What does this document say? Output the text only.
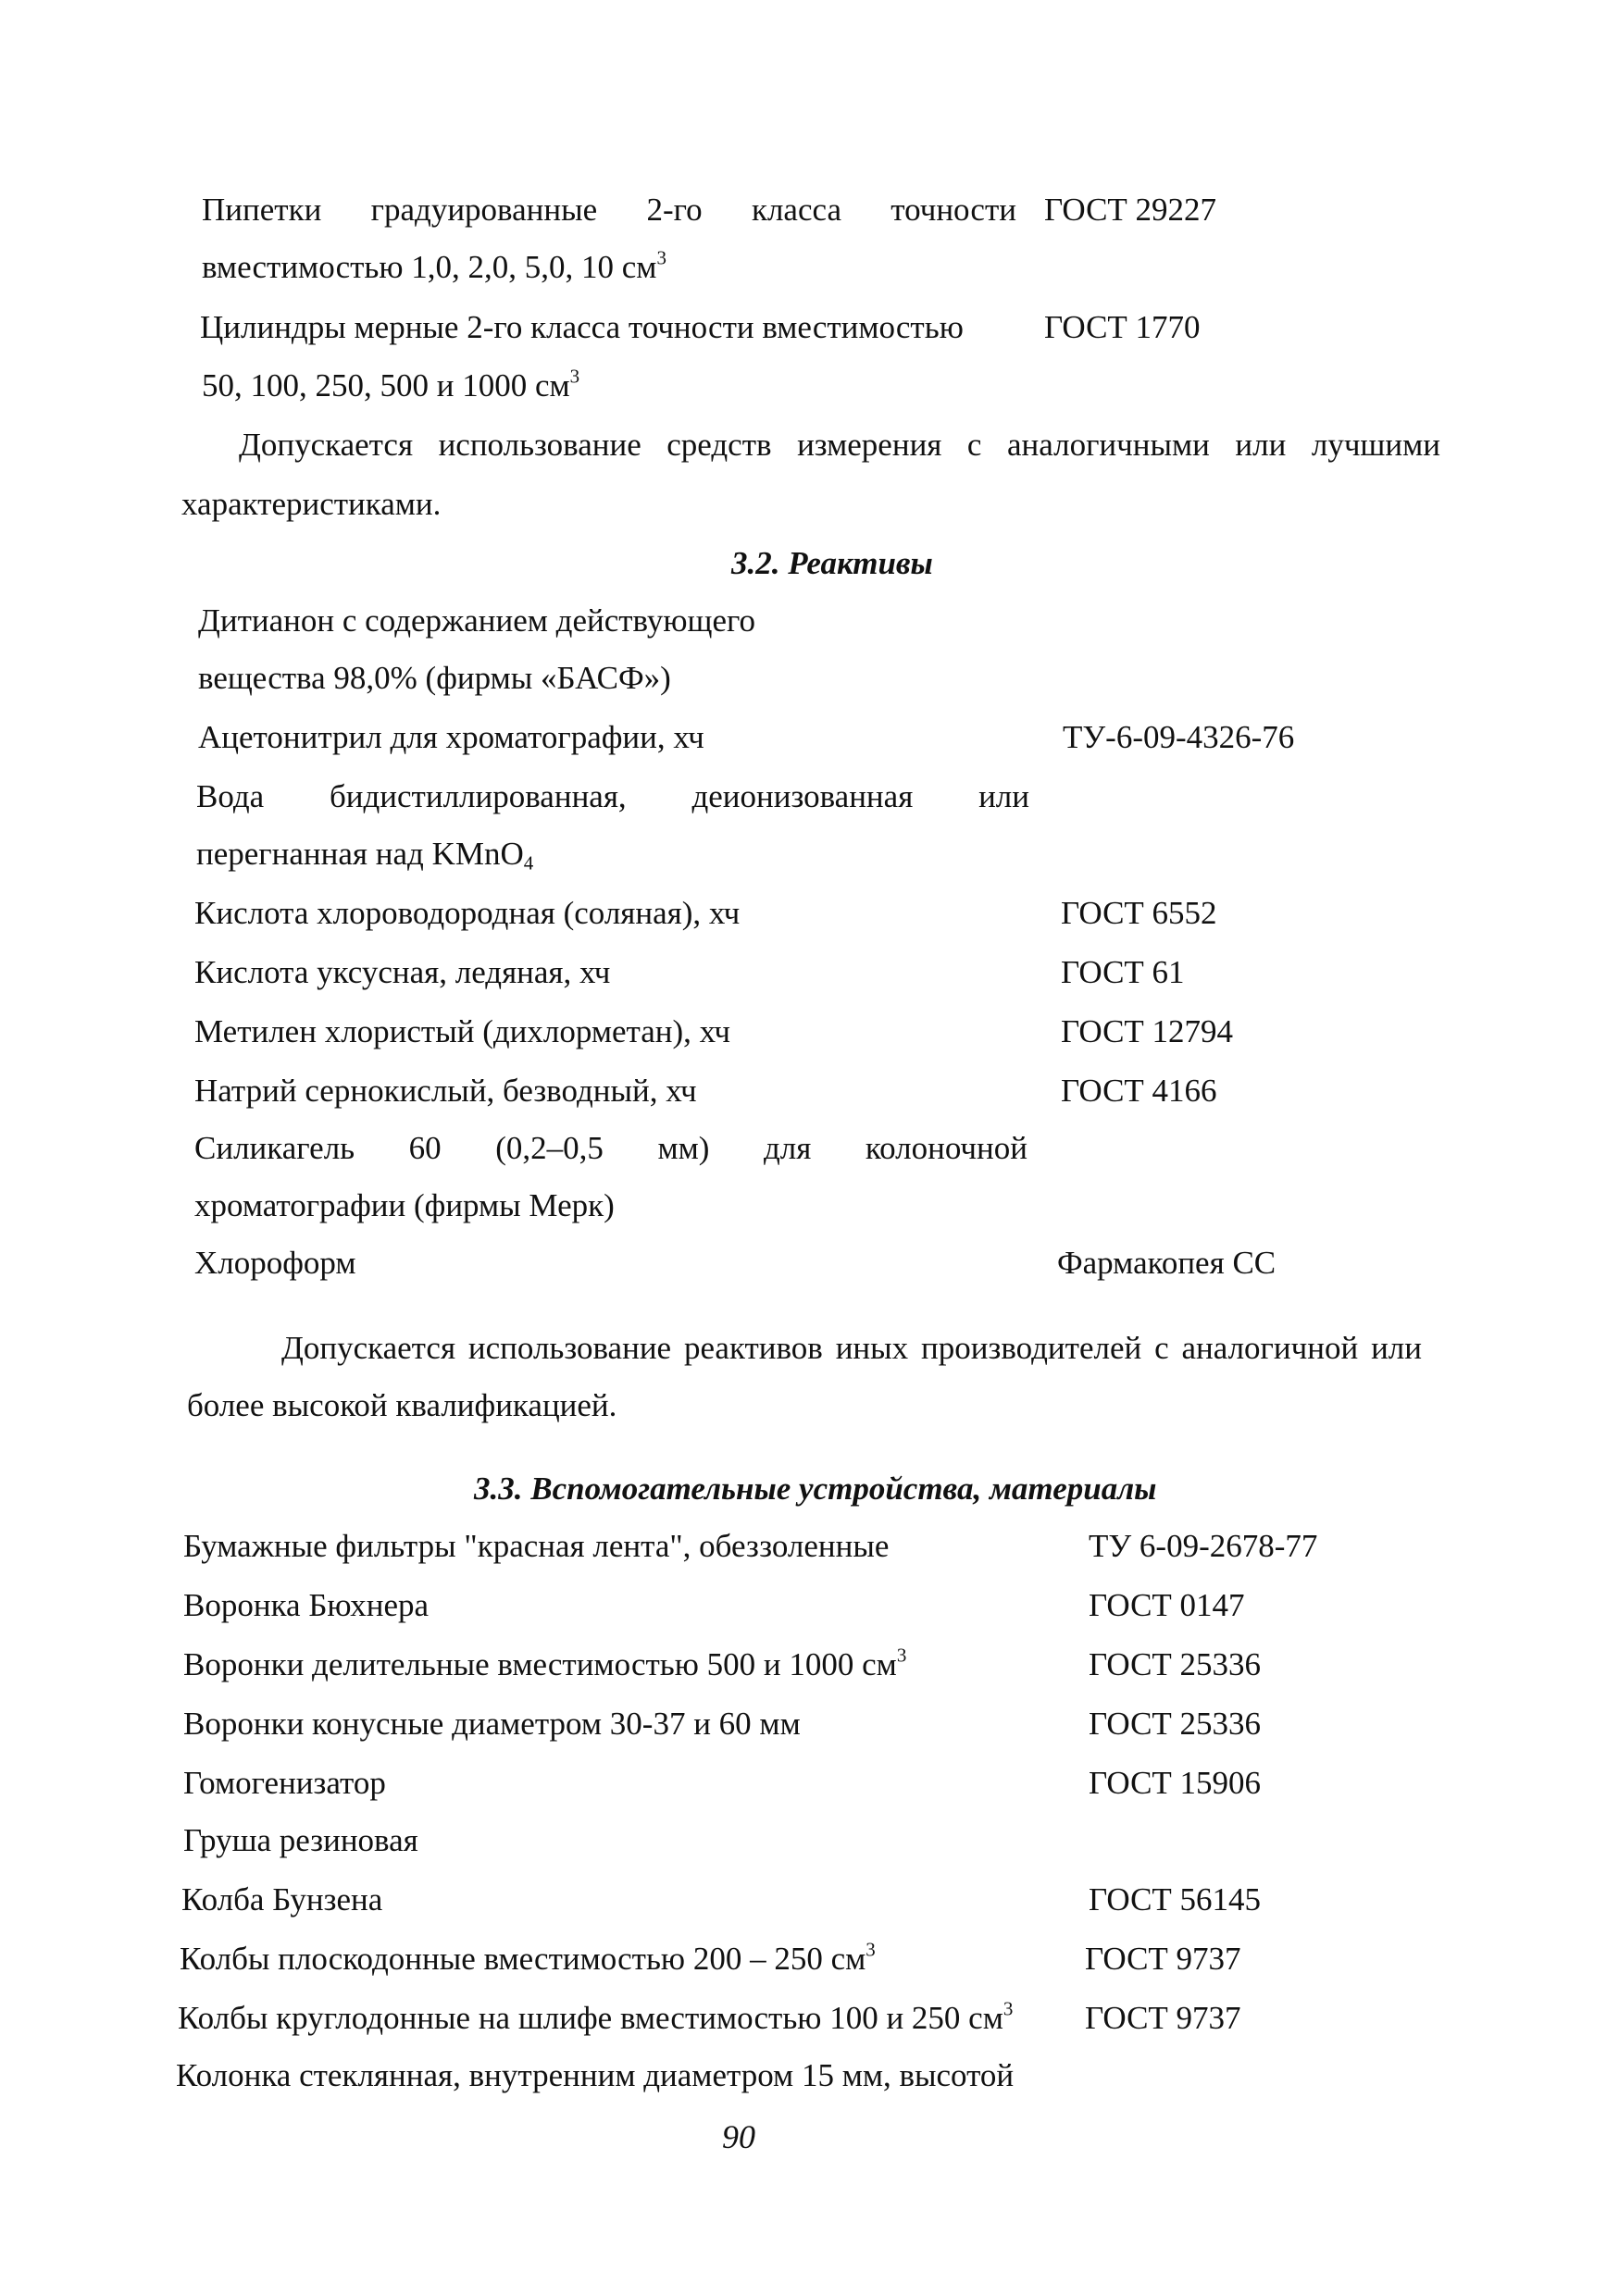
Пипетки градуированные 2-го класса точности ГОСТ 29227
вместимостью 1,0, 2,0, 5,0, 10 $см^3$
Цилиндры мерные 2-го класса точности вместимостью ГОСТ 1770
50, 100, 250, 500 и 1000 $см^3$
Допускается использование средств измерения с аналогичными или лучшими
характеристиками.
3.2. Реактивы
Дитианон с содержанием действующего
вещества 98,0% (фирмы «БАСФ»)
Ацетонитрил для хроматографии, хч	ТУ-6-09-4326-76
Вода бидистиллированная, деионизованная или
перегнанная над KMnO$_4$
Кислота хлороводородная (соляная), хч	ГОСТ 6552
Кислота уксусная, ледяная, хч	ГОСТ 61
Метилен хлористый (дихлорметан), хч	ГОСТ 12794
Натрий сернокислый, безводный, хч	ГОСТ 4166
Силикагель 60 (0,2–0,5 мм) для колоночной
хроматографии (фирмы Мерк)
Хлороформ	Фармакопея СС
Допускается использование реактивов иных производителей с аналогичной или
более высокой квалификацией.
3.3. Вспомогательные устройства, материалы
Бумажные фильтры "красная лента", обеззоленные	ТУ 6-09-2678-77
Воронка Бюхнера	ГОСТ 0147
Воронки делительные вместимостью 500 и 1000 $см^3$	ГОСТ 25336
Воронки конусные диаметром 30-37 и 60 мм	ГОСТ 25336
Гомогенизатор	ГОСТ 15906
Груша резиновая
Колба Бунзена	ГОСТ 56145
Колбы плоскодонные вместимостью 200 – 250 $см^3$	ГОСТ 9737
Колбы круглодонные на шлифе вместимостью 100 и 250 $см^3$ ГОСТ 9737
Колонка стеклянная, внутренним диаметром 15 мм, высотой
90
